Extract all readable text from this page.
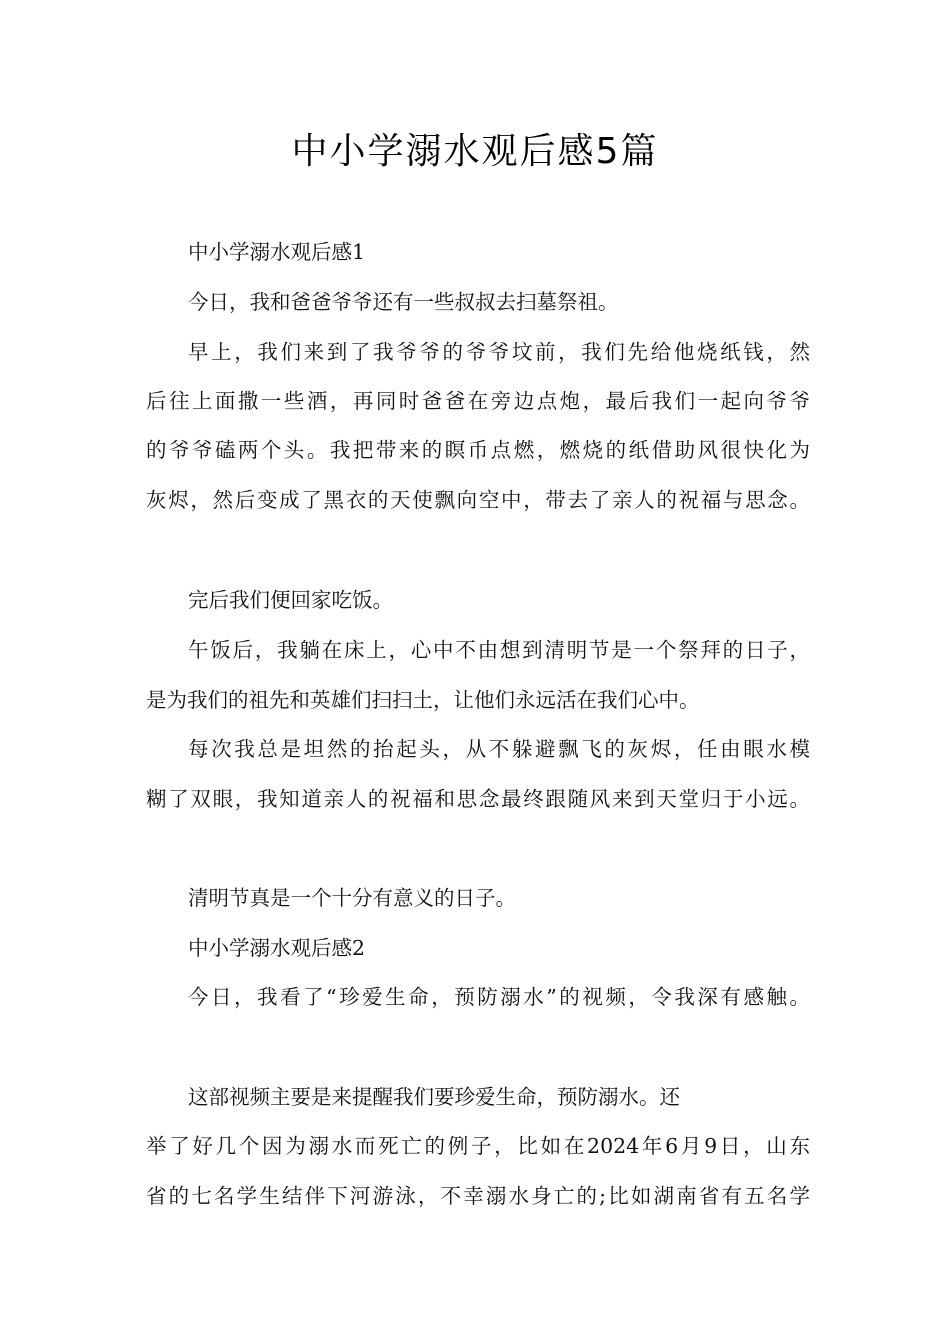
中小学溺水观后感5篇
中小学溺水观后感1
今日，我和爸爸爷爷还有一些叔叔去扫墓祭祖。
早上，我们来到了我爷爷的爷爷坟前，我们先给他烧纸钱，然
后往上面撒一些酒，再同时爸爸在旁边点炮，最后我们一起向爷爷
的爷爷磕两个头。我把带来的瞑币点燃，燃烧的纸借助风很快化为
灰烬，然后变成了黑衣的天使飘向空中，带去了亲人的祝福与思念。
完后我们便回家吃饭。
午饭后，我躺在床上，心中不由想到清明节是一个祭拜的日子，
是为我们的祖先和英雄们扫扫土，让他们永远活在我们心中。
每次我总是坦然的抬起头，从不躲避飘飞的灰烬，任由眼水模
糊了双眼，我知道亲人的祝福和思念最终跟随风来到天堂归于小远。
清明节真是一个十分有意义的日子。
中小学溺水观后感2
今日，我看了“珍爱生命，预防溺水”的视频，令我深有感触。
这部视频主要是来提醒我们要珍爱生命，预防溺水。还
举了好几个因为溺水而死亡的例子，比如在2024年6月9日，山东
省的七名学生结伴下河游泳，不幸溺水身亡的;比如湖南省有五名学
